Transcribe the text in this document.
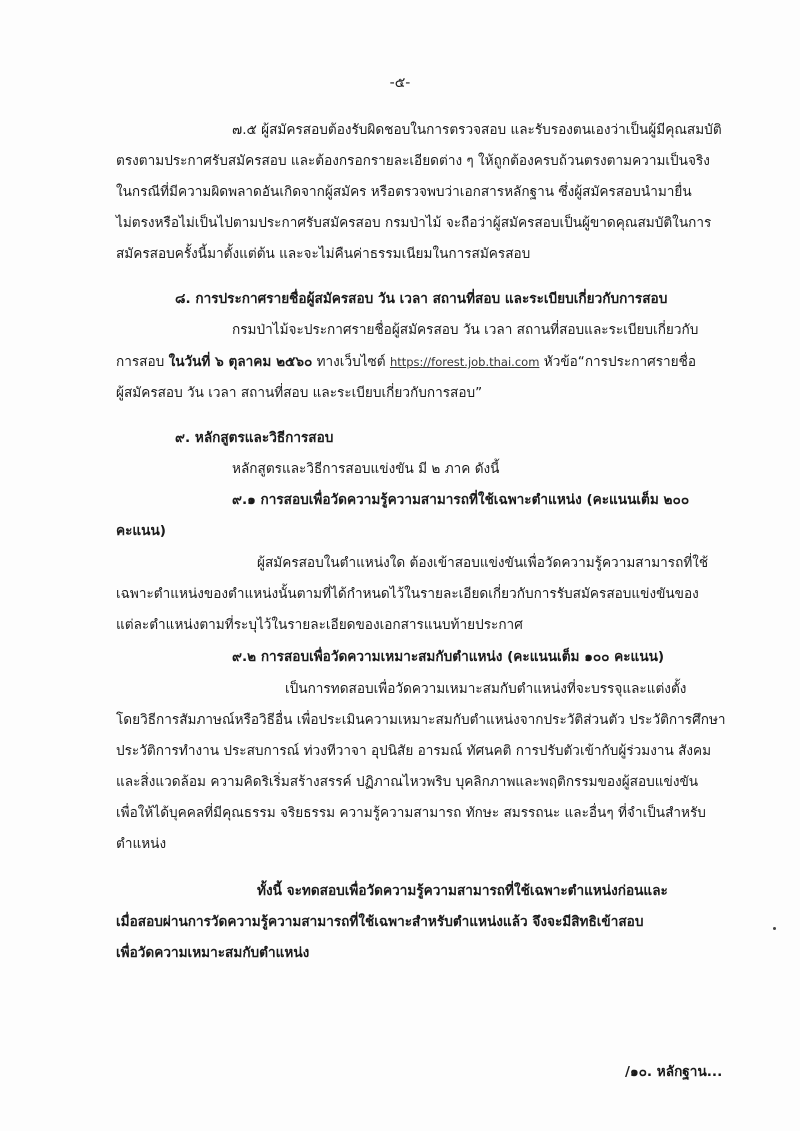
-๕-
๗.๕ ผู้สมัครสอบต้องรับผิดชอบในการตรวจสอบ และรับรองตนเองว่าเป็นผู้มีคุณสมบัติ
ตรงตามประกาศรับสมัครสอบ และต้องกรอกรายละเอียดต่าง ๆ ให้ถูกต้องครบถ้วนตรงตามความเป็นจริง
ในกรณีที่มีความผิดพลาดอันเกิดจากผู้สมัคร หรือตรวจพบว่าเอกสารหลักฐาน ซึ่งผู้สมัครสอบนำมายื่น
ไม่ตรงหรือไม่เป็นไปตามประกาศรับสมัครสอบ กรมป่าไม้ จะถือว่าผู้สมัครสอบเป็นผู้ขาดคุณสมบัติในการ
สมัครสอบครั้งนี้มาตั้งแต่ต้น และจะไม่คืนค่าธรรมเนียมในการสมัครสอบ
๘. การประกาศรายชื่อผู้สมัครสอบ วัน เวลา สถานที่สอบ และระเบียบเกี่ยวกับการสอบ
กรมป่าไม้จะประกาศรายชื่อผู้สมัครสอบ วัน เวลา สถานที่สอบและระเบียบเกี่ยวกับ
การสอบ ในวันที่ ๖ ตุลาคม ๒๕๖๐ ทางเว็บไซต์ https://forest.job.thai.com หัวข้อ“การประกาศรายชื่อ
ผู้สมัครสอบ วัน เวลา สถานที่สอบ และระเบียบเกี่ยวกับการสอบ”
๙. หลักสูตรและวิธีการสอบ
หลักสูตรและวิธีการสอบแข่งขัน มี ๒ ภาค ดังนี้
๙.๑ การสอบเพื่อวัดความรู้ความสามารถที่ใช้เฉพาะตำแหน่ง (คะแนนเต็ม ๒๐๐
คะแนน)
ผู้สมัครสอบในตำแหน่งใด ต้องเข้าสอบแข่งขันเพื่อวัดความรู้ความสามารถที่ใช้
เฉพาะตำแหน่งของตำแหน่งนั้นตามที่ได้กำหนดไว้ในรายละเอียดเกี่ยวกับการรับสมัครสอบแข่งขันของ
แต่ละตำแหน่งตามที่ระบุไว้ในรายละเอียดของเอกสารแนบท้ายประกาศ
๙.๒ การสอบเพื่อวัดความเหมาะสมกับตำแหน่ง (คะแนนเต็ม ๑๐๐ คะแนน)
เป็นการทดสอบเพื่อวัดความเหมาะสมกับตำแหน่งที่จะบรรจุและแต่งตั้ง
โดยวิธีการสัมภาษณ์หรือวิธีอื่น เพื่อประเมินความเหมาะสมกับตำแหน่งจากประวัติส่วนตัว ประวัติการศึกษา
ประวัติการทำงาน ประสบการณ์ ท่วงทีวาจา อุปนิสัย อารมณ์ ทัศนคติ การปรับตัวเข้ากับผู้ร่วมงาน สังคม
และสิ่งแวดล้อม ความคิดริเริ่มสร้างสรรค์ ปฏิภาณไหวพริบ บุคลิกภาพและพฤติกรรมของผู้สอบแข่งขัน
เพื่อให้ได้บุคคลที่มีคุณธรรม จริยธรรม ความรู้ความสามารถ ทักษะ สมรรถนะ และอื่นๆ ที่จำเป็นสำหรับ
ตำแหน่ง
ทั้งนี้ จะทดสอบเพื่อวัดความรู้ความสามารถที่ใช้เฉพาะตำแหน่งก่อนและ
เมื่อสอบผ่านการวัดความรู้ความสามารถที่ใช้เฉพาะสำหรับตำแหน่งแล้ว จึงจะมีสิทธิเข้าสอบ
เพื่อวัดความเหมาะสมกับตำแหน่ง
/๑๐. หลักฐาน...
